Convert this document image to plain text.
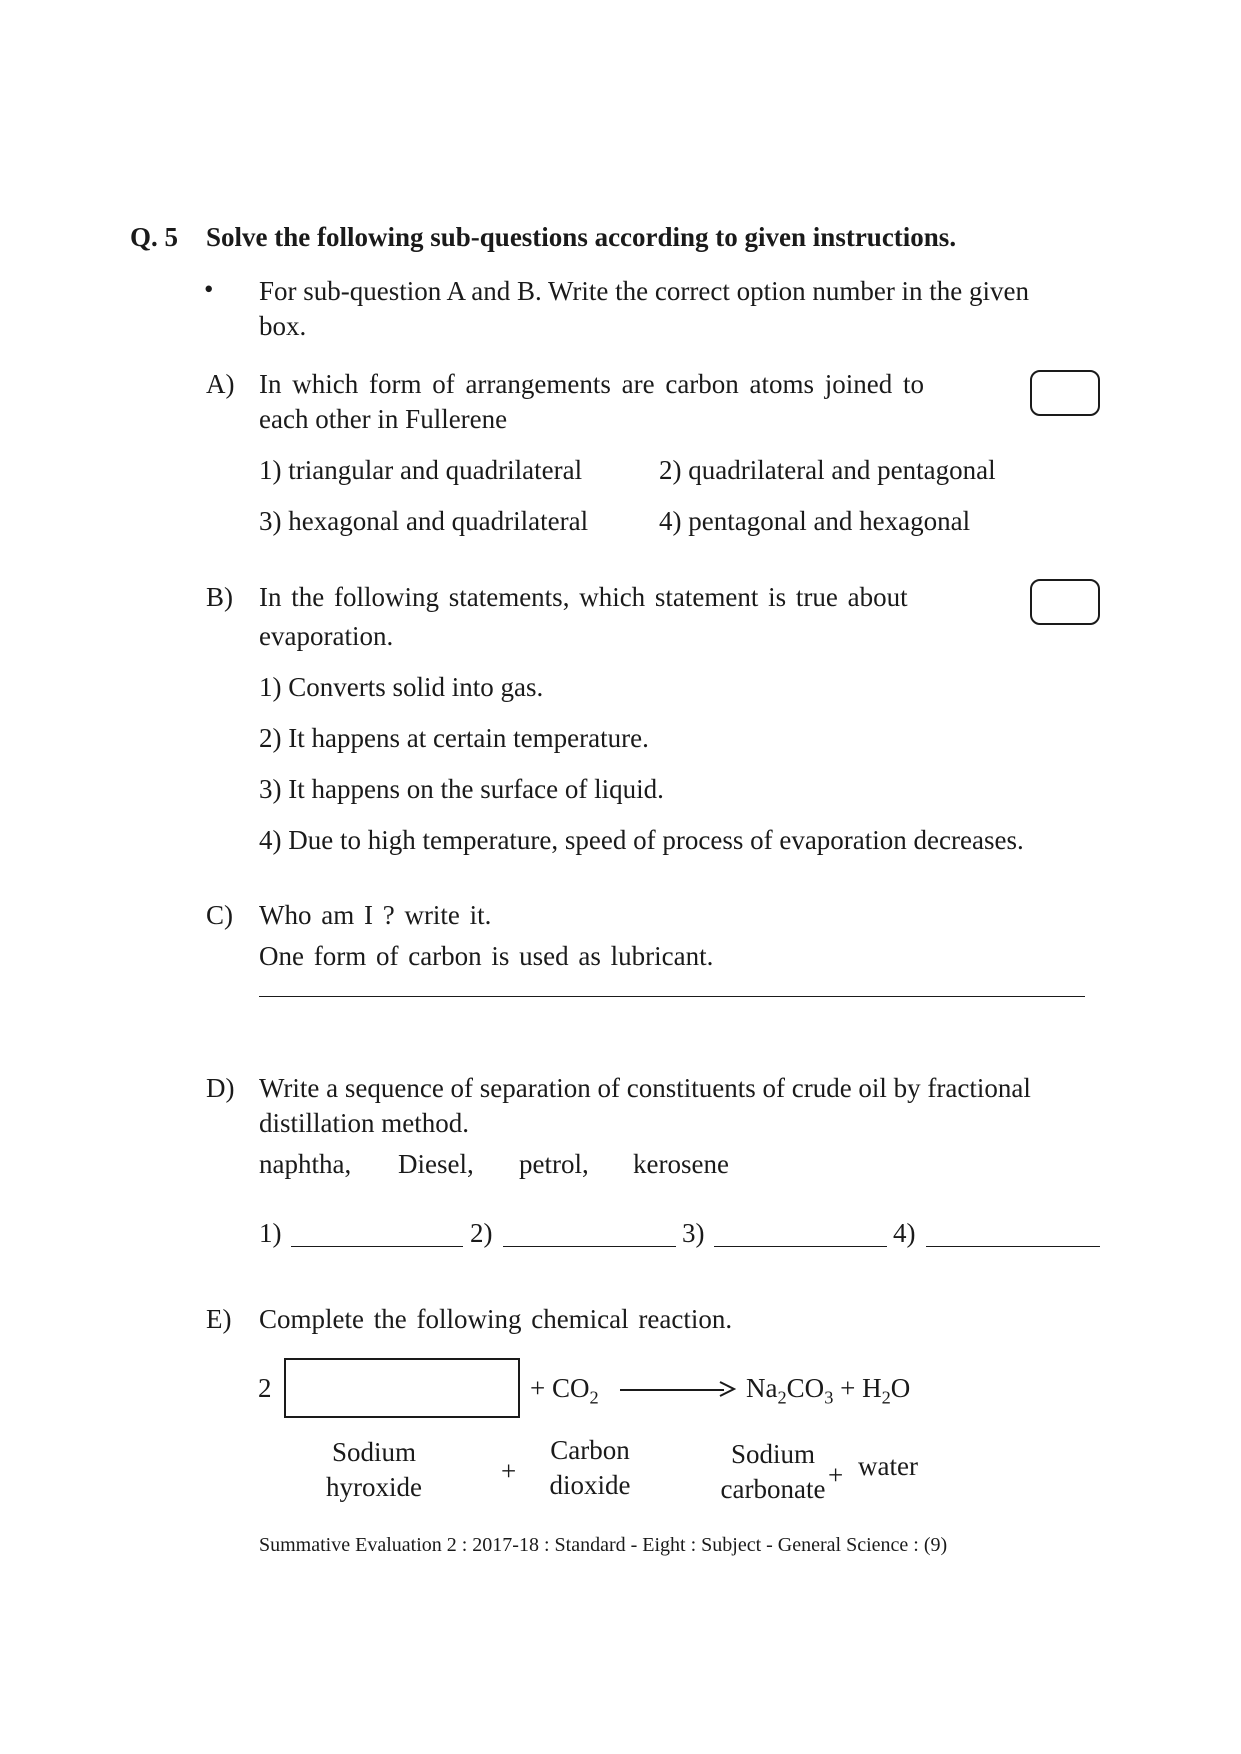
Q. 5 Solve the following sub-questions according to given instructions.
• For sub-question A and B. Write the correct option number in the given
box.
A) In which form of arrangements are carbon atoms joined to
each other in Fullerene
1) triangular and quadrilateral	2) quadrilateral and pentagonal
3) hexagonal and quadrilateral	4) pentagonal and hexagonal
B) In the following statements, which statement is true about
evaporation.
1) Converts solid into gas.
2) It happens at certain temperature.
3) It happens on the surface of liquid.
4) Due to high temperature, speed of process of evaporation decreases.
C) Who am I ? write it.
One form of carbon is used as lubricant.
D) Write a sequence of separation of constituents of crude oil by fractional
distillation method.
naphtha, Diesel, petrol, kerosene
1)	2)	3)	4)
E) Complete the following chemical reaction.
2	+ $CO_2$	$Na_2CO_3 + H_2O$
Sodium
hyroxide
+
Carbon
dioxide
Sodium
carbonate + water
Summative Evaluation 2 : 2017-18 : Standard - Eight : Subject - General Science : (9)
